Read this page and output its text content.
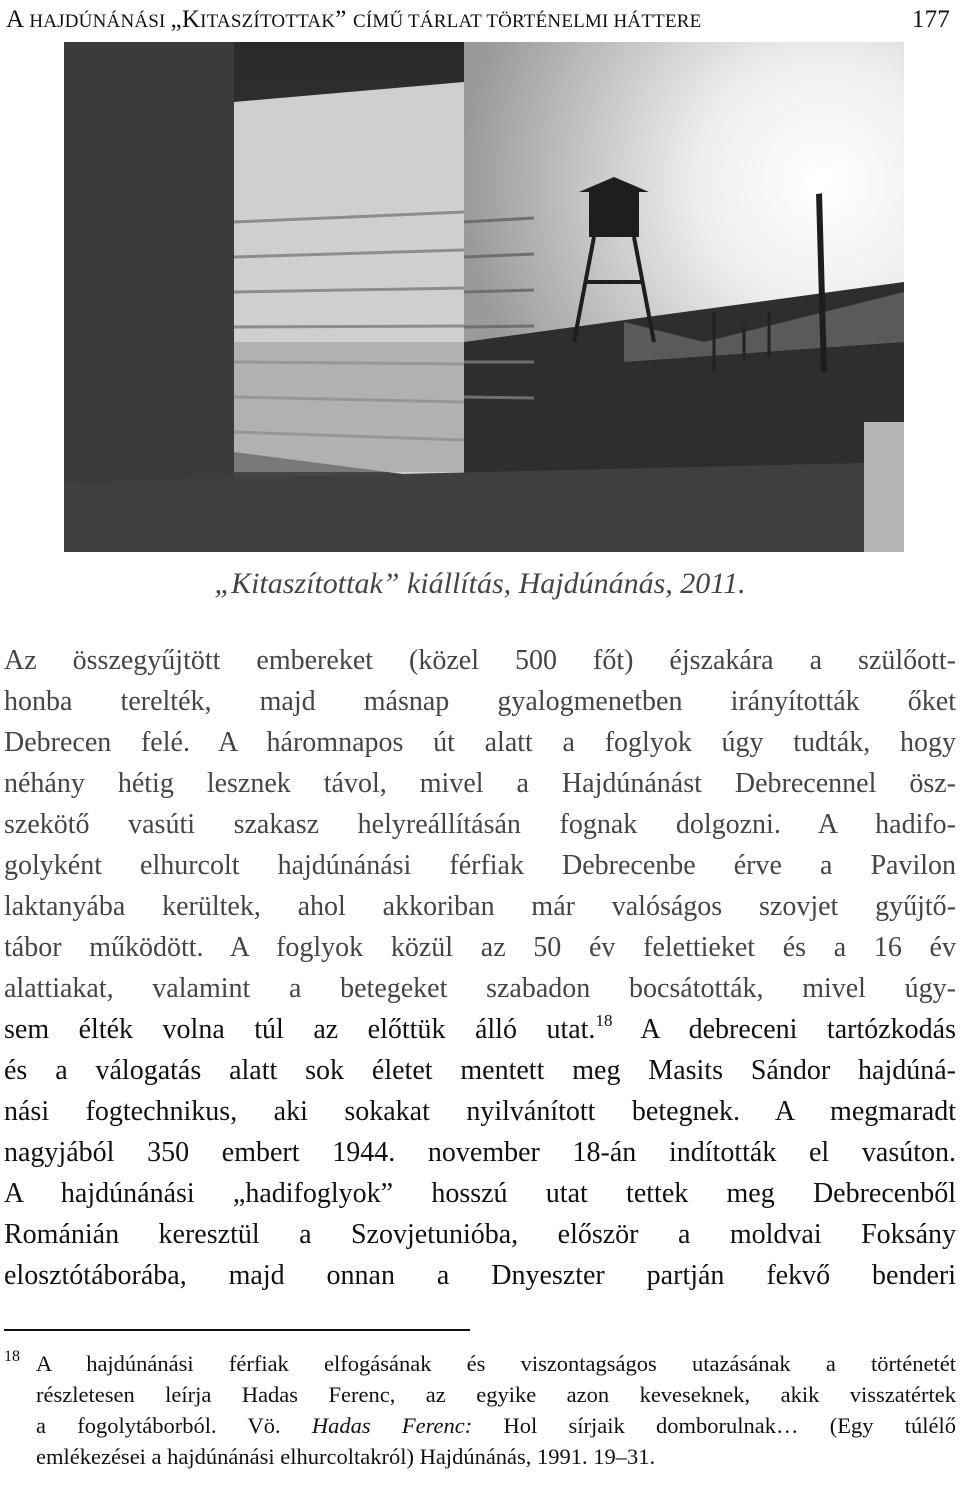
A HAJDÚNÁNÁSI „KITASZÍTOTTAK” CÍMŰ TÁRLAT TÖRTÉNELMI HÁTTERE	177
„Kitaszítottak” kiállítás, Hajdúnánás, 2011.
Az összegyűjtött embereket (közel 500 főt) éjszakára a szülőott-
honba terelték, majd másnap gyalogmenetben irányították őket
Debrecen felé. A háromnapos út alatt a foglyok úgy tudták, hogy
néhány hétig lesznek távol, mivel a Hajdúnánást Debrecennel ösz-
szekötő vasúti szakasz helyreállításán fognak dolgozni. A hadifo-
golyként elhurcolt hajdúnánási férfiak Debrecenbe érve a Pavilon
laktanyába kerültek, ahol akkoriban már valóságos szovjet gyűjtő-
tábor működött. A foglyok közül az 50 év felettieket és a 16 év
alattiakat, valamint a betegeket szabadon bocsátották, mivel úgy-
sem élték volna túl az előttük álló utat.$^{18}$ A debreceni tartózkodás
és a válogatás alatt sok életet mentett meg Masits Sándor hajdúná-
nási fogtechnikus, aki sokakat nyilvánított betegnek. A megmaradt
nagyjából 350 embert 1944. november 18-án indították el vasúton.
A hajdúnánási „hadifoglyok” hosszú utat tettek meg Debrecenből
Románián keresztül a Szovjetunióba, először a moldvai Foksány
elosztótáborába, majd onnan a Dnyeszter partján fekvő benderi
18 A hajdúnánási férfiak elfogásának és viszontagságos utazásának a történetét
részletesen leírja Hadas Ferenc, az egyike azon keveseknek, akik visszatértek
a fogolytáborból. Vö. Hadas Ferenc: Hol sírjaik domborulnak… (Egy túlélő
emlékezései a hajdúnánási elhurcoltakról) Hajdúnánás, 1991. 19–31.
